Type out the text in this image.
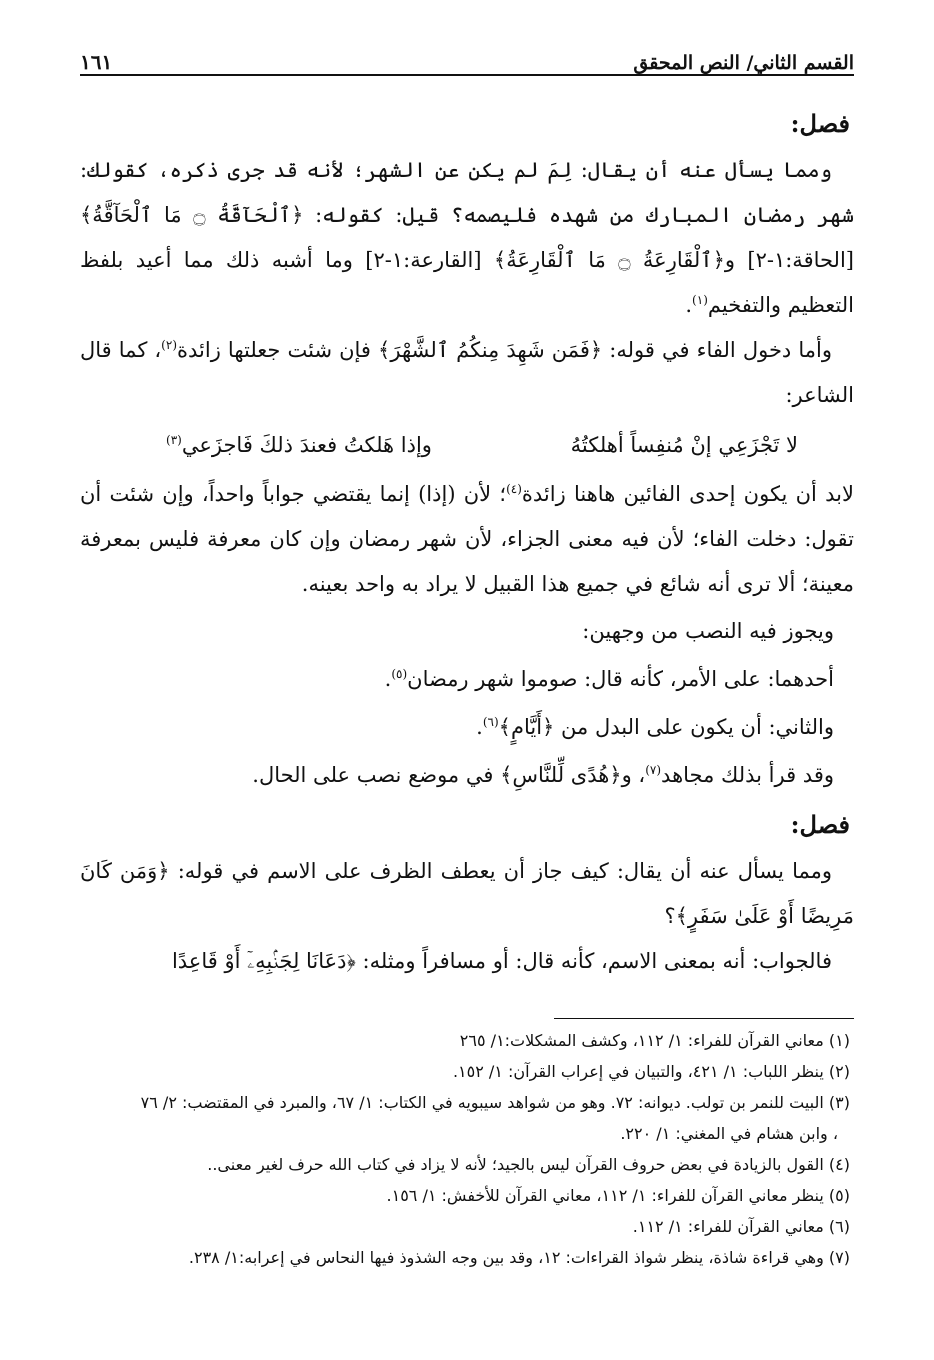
القسم الثاني/ النص المحقق
١٦١
فصل:

ومما يسأل عنه أن يقال: لِمَ لم يكن عن الشهر؛ لأنه قد جرى ذكره، كقولك: شهر رمضان المبارك من شهده فليصمه؟ قيل: كقوله: ﴿ٱلْحَآقَّةُ ۝ مَا ٱلْحَآقَّةُ﴾ [الحاقة:١-٢] و﴿ٱلْقَارِعَةُ ۝ مَا ٱلْقَارِعَةُ﴾ [القارعة:١-٢] وما أشبه ذلك مما أعيد بلفظ التعظيم والتفخيم$^{(١)}$.

وأما دخول الفاء في قوله: ﴿فَمَن شَهِدَ مِنكُمُ ٱلشَّهْرَ﴾ فإن شئت جعلتها زائدة$^{(٢)}$، كما قال الشاعر:

لا تَجْزَعِي إنْ مُنفِساً أهلكتُهُ
وإذا هَلكتُ فعندَ ذلكَ فَاجزَعي$^{(٣)}$

لابد أن يكون إحدى الفائين هاهنا زائدة$^{(٤)}$؛ لأن (إذا) إنما يقتضي جواباً واحداً، وإن شئت أن تقول: دخلت الفاء؛ لأن فيه معنى الجزاء، لأن شهر رمضان وإن كان معرفة فليس بمعرفة معينة؛ ألا ترى أنه شائع في جميع هذا القبيل لا يراد به واحد بعينه.

ويجوز فيه النصب من وجهين:
أحدهما: على الأمر، كأنه قال: صوموا شهر رمضان$^{(٥)}$.
والثاني: أن يكون على البدل من ﴿أَيَّامٍ﴾$^{(٦)}$.
وقد قرأ بذلك مجاهد$^{(٧)}$، و﴿هُدًى لِّلنَّاسِ﴾ في موضع نصب على الحال.
فصل:

ومما يسأل عنه أن يقال: كيف جاز أن يعطف الظرف على الاسم في قوله: ﴿وَمَن كَانَ مَرِيضًا أَوْ عَلَىٰ سَفَرٍ﴾؟

فالجواب: أنه بمعنى الاسم، كأنه قال: أو مسافراً ومثله: ﴿دَعَانَا لِجَنۢبِهِۦٓ أَوْ قَاعِدًا

(١) معاني القرآن للفراء: ١/ ١١٢، وكشف المشكلات:١/ ٢٦٥
(٢) ينظر اللباب: ١/ ٤٢١، والتبيان في إعراب القرآن: ١/ ١٥٢.
(٣) البيت للنمر بن تولب. ديوانه: ٧٢. وهو من شواهد سيبويه في الكتاب: ١/ ٦٧، والمبرد في المقتضب: ٢/ ٧٦
، وابن هشام في المغني: ١/ ٢٢٠.
(٤) القول بالزيادة في بعض حروف القرآن ليس بالجيد؛ لأنه لا يزاد في كتاب الله حرف لغير معنى..
(٥) ينظر معاني القرآن للفراء: ١/ ١١٢، معاني القرآن للأخفش: ١/ ١٥٦.
(٦) معاني القرآن للفراء: ١/ ١١٢.
(٧) وهي قراءة شاذة، ينظر شواذ القراءات: ١٢، وقد بين وجه الشذوذ فيها النحاس في إعرابه:١/ ٢٣٨.
